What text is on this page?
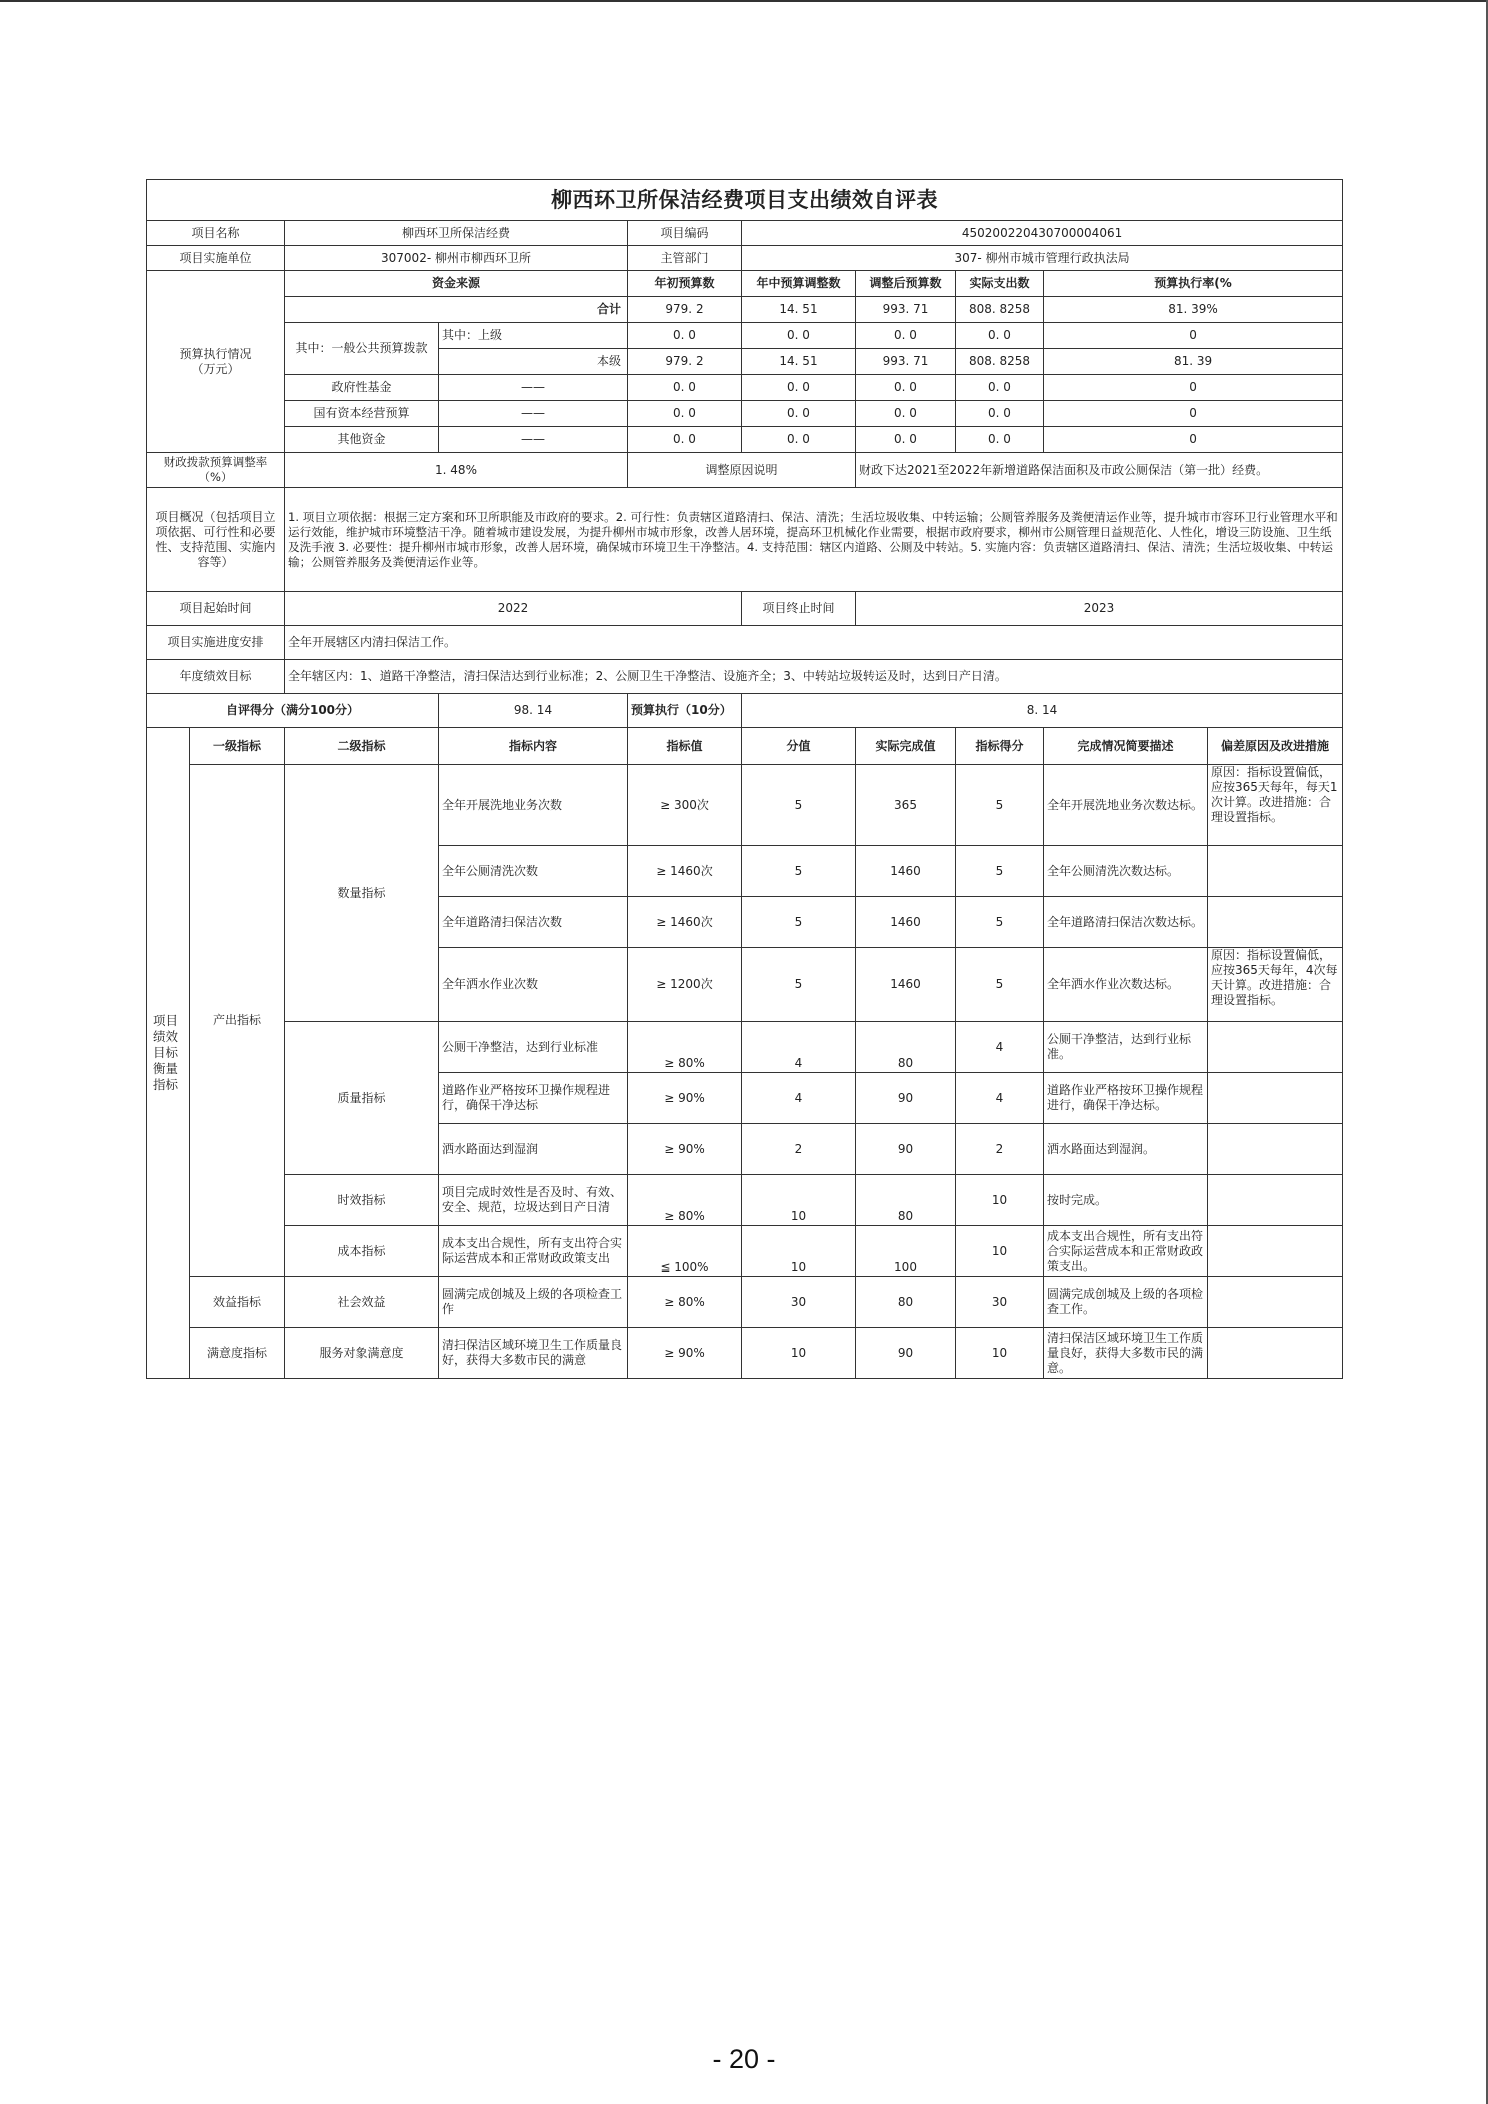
柳西环卫所保洁经费项目支出绩效自评表									
项目名称		柳西环卫所保洁经费		项目编码	450200220430700004061				
项目实施单位		307002- 柳州市柳西环卫所		主管部门	307- 柳州市城市管理行政执法局				
预算执行情况
（万元）		资金来源		年初预算数	年中预算调整数	调整后预算数	实际支出数	预算执行率(%	
		合计		979. 2	14. 51	993. 71	808. 8258	81. 39%	
		其中：一般公共预算拨款	其中：上级	0. 0	0. 0	0. 0	0. 0	0	
			本级	979. 2	14. 51	993. 71	808. 8258	81. 39	
		政府性基金	——	0. 0	0. 0	0. 0	0. 0	0	
		国有资本经营预算	——	0. 0	0. 0	0. 0	0. 0	0	
		其他资金	——	0. 0	0. 0	0. 0	0. 0	0	
财政拨款预算调整率
（%）		1. 48%		调整原因说明		财政下达2021至2022年新增道路保洁面积及市政公厕保洁（第一批）经费。			
项目概况（包括项目立项依据、可行性和必要性、支持范围、实施内容等）		1. 项目立项依据：根据三定方案和环卫所职能及市政府的要求。2. 可行性：负责辖区道路清扫、保洁、清洗；生活垃圾收集、中转运输；公厕管养服务及粪便清运作业等，提升城市市容环卫行业管理水平和运行效能，维护城市环境整洁干净。随着城市建设发展，为提升柳州市城市形象，改善人居环境，提高环卫机械化作业需要，根据市政府要求，柳州市公厕管理日益规范化、人性化，增设三防设施、卫生纸及洗手液 3. 必要性：提升柳州市城市形象，改善人居环境，确保城市环境卫生干净整洁。4. 支持范围：辖区内道路、公厕及中转站。5. 实施内容：负责辖区道路清扫、保洁、清洗；生活垃圾收集、中转运输；公厕管养服务及粪便清运作业等。							
项目起始时间		2022			项目终止时间	2023			
项目实施进度安排		全年开展辖区内清扫保洁工作。							
年度绩效目标		全年辖区内：1、道路干净整洁，清扫保洁达到行业标准；2、公厕卫生干净整洁、设施齐全；3、中转站垃圾转运及时，达到日产日清。							
自评得分（满分100分）			98. 14	预算执行（10分）	8. 14				
项目绩效目标衡量指标	一级指标	二级指标	指标内容	指标值	分值	实际完成值	指标得分	完成情况简要描述	偏差原因及改进措施
	产出指标	数量指标	全年开展洗地业务次数	≥ 300次	5	365	5	全年开展洗地业务次数达标。	原因：指标设置偏低，应按365天每年，每天1次计算。改进措施：合理设置指标。
			全年公厕清洗次数	≥ 1460次	5	1460	5	全年公厕清洗次数达标。	
			全年道路清扫保洁次数	≥ 1460次	5	1460	5	全年道路清扫保洁次数达标。	
			全年洒水作业次数	≥ 1200次	5	1460	5	全年洒水作业次数达标。	原因：指标设置偏低，应按365天每年，4次每天计算。改进措施：合理设置指标。
		质量指标	公厕干净整洁，达到行业标准	≥ 80%	4	80	4	公厕干净整洁，达到行业标准。	
			道路作业严格按环卫操作规程进行，确保干净达标	≥ 90%	4	90	4	道路作业严格按环卫操作规程进行，确保干净达标。	
			洒水路面达到湿润	≥ 90%	2	90	2	洒水路面达到湿润。	
		时效指标	项目完成时效性是否及时、有效、安全、规范，垃圾达到日产日清	≥ 80%	10	80	10	按时完成。	
		成本指标	成本支出合规性，所有支出符合实际运营成本和正常财政政策支出	≦ 100%	10	100	10	成本支出合规性，所有支出符合实际运营成本和正常财政政策支出。	
	效益指标	社会效益	圆满完成创城及上级的各项检查工作	≥ 80%	30	80	30	圆满完成创城及上级的各项检查工作。	
	满意度指标	服务对象满意度	清扫保洁区域环境卫生工作质量良好，获得大多数市民的满意	≥ 90%	10	90	10	清扫保洁区域环境卫生工作质量良好，获得大多数市民的满意。	
- 20 -
